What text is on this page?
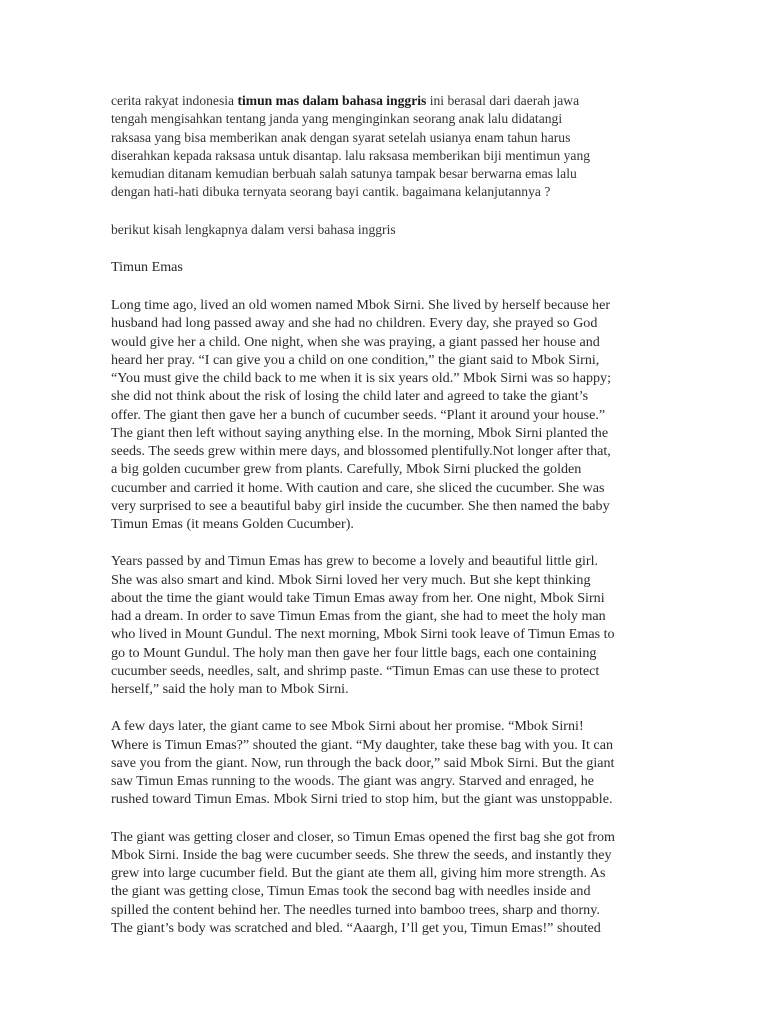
cerita rakyat indonesia timun mas dalam bahasa inggris ini berasal dari daerah jawa
tengah mengisahkan tentang janda yang menginginkan seorang anak lalu didatangi
raksasa yang bisa memberikan anak dengan syarat setelah usianya enam tahun harus
diserahkan kepada raksasa untuk disantap. lalu raksasa memberikan biji mentimun yang
kemudian ditanam kemudian berbuah salah satunya tampak besar berwarna emas lalu
dengan hati-hati dibuka ternyata seorang bayi cantik. bagaimana kelanjutannya ?

berikut kisah lengkapnya dalam versi bahasa inggris

Timun Emas

Long time ago, lived an old women named Mbok Sirni. She lived by herself because her
husband had long passed away and she had no children. Every day, she prayed so God
would give her a child. One night, when she was praying, a giant passed her house and
heard her pray. “I can give you a child on one condition,” the giant said to Mbok Sirni,
“You must give the child back to me when it is six years old.” Mbok Sirni was so happy;
she did not think about the risk of losing the child later and agreed to take the giant’s
offer. The giant then gave her a bunch of cucumber seeds. “Plant it around your house.”
The giant then left without saying anything else. In the morning, Mbok Sirni planted the
seeds. The seeds grew within mere days, and blossomed plentifully.Not longer after that,
a big golden cucumber grew from plants. Carefully, Mbok Sirni plucked the golden
cucumber and carried it home. With caution and care, she sliced the cucumber. She was
very surprised to see a beautiful baby girl inside the cucumber. She then named the baby
Timun Emas (it means Golden Cucumber).

Years passed by and Timun Emas has grew to become a lovely and beautiful little girl.
She was also smart and kind. Mbok Sirni loved her very much. But she kept thinking
about the time the giant would take Timun Emas away from her. One night, Mbok Sirni
had a dream. In order to save Timun Emas from the giant, she had to meet the holy man
who lived in Mount Gundul. The next morning, Mbok Sirni took leave of Timun Emas to
go to Mount Gundul. The holy man then gave her four little bags, each one containing
cucumber seeds, needles, salt, and shrimp paste. “Timun Emas can use these to protect
herself,” said the holy man to Mbok Sirni.

A few days later, the giant came to see Mbok Sirni about her promise. “Mbok Sirni!
Where is Timun Emas?” shouted the giant. “My daughter, take these bag with you. It can
save you from the giant. Now, run through the back door,” said Mbok Sirni. But the giant
saw Timun Emas running to the woods. The giant was angry. Starved and enraged, he
rushed toward Timun Emas. Mbok Sirni tried to stop him, but the giant was unstoppable.

The giant was getting closer and closer, so Timun Emas opened the first bag she got from
Mbok Sirni. Inside the bag were cucumber seeds. She threw the seeds, and instantly they
grew into large cucumber field. But the giant ate them all, giving him more strength. As
the giant was getting close, Timun Emas took the second bag with needles inside and
spilled the content behind her. The needles turned into bamboo trees, sharp and thorny.
The giant’s body was scratched and bled. “Aaargh, I’ll get you, Timun Emas!” shouted
